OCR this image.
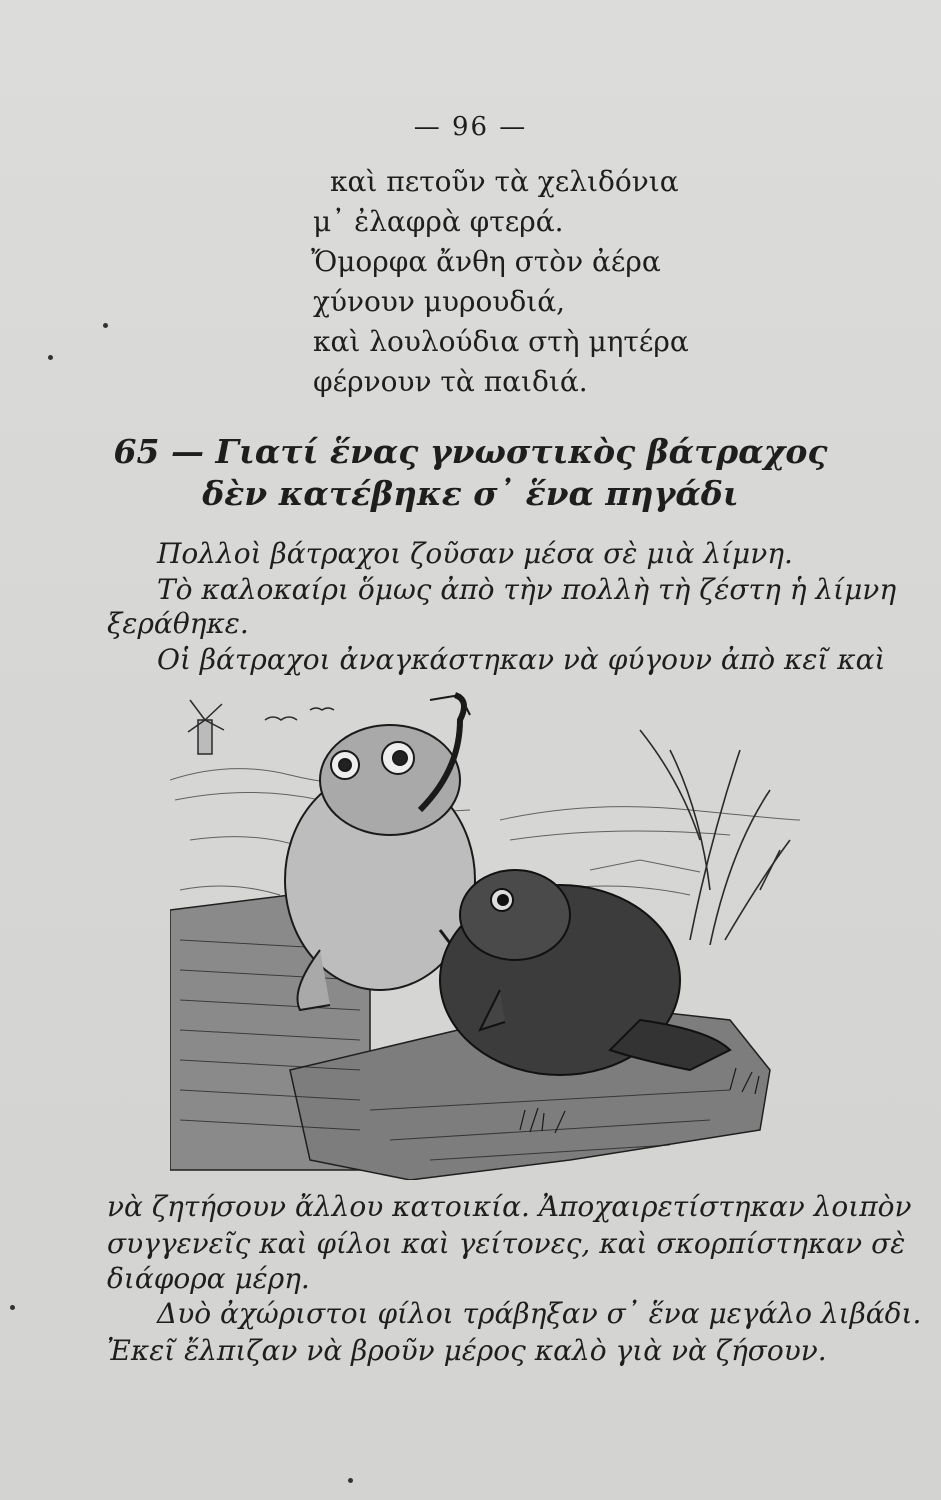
— 96 —
καὶ πετοῦν τὰ χελιδόνια
μ᾿ ἐλαφρὰ φτερά.
Ὄμορφα ἄνθη στὸν ἀέρα
χύνουν μυρουδιά,
καὶ λουλούδια στὴ μητέρα
φέρνουν τὰ παιδιά.
65 — Γιατί ἕνας γνωστικὸς βάτραχος
δὲν κατέβηκε σ᾿ ἕνα πηγάδι
Πολλοὶ βάτραχοι ζοῦσαν μέσα σὲ μιὰ λίμνη.
Τὸ καλοκαίρι ὅμως ἀπὸ τὴν πολλὴ τὴ ζέστη ἡ λίμνη
ξεράθηκε.
Οἱ βάτραχοι ἀναγκάστηκαν νὰ φύγουν ἀπὸ κεῖ καὶ
νὰ ζητήσουν ἄλλου κατοικία. Ἀποχαιρετίστηκαν λοιπὸν
συγγενεῖς καὶ φίλοι καὶ γείτονες, καὶ σκορπίστηκαν σὲ
διάφορα μέρη.
Δυὸ ἀχώριστοι φίλοι τράβηξαν σ᾿ ἕνα μεγάλο λιβάδι.
Ἐκεῖ ἔλπιζαν νὰ βροῦν μέρος καλὸ γιὰ νὰ ζήσουν.
